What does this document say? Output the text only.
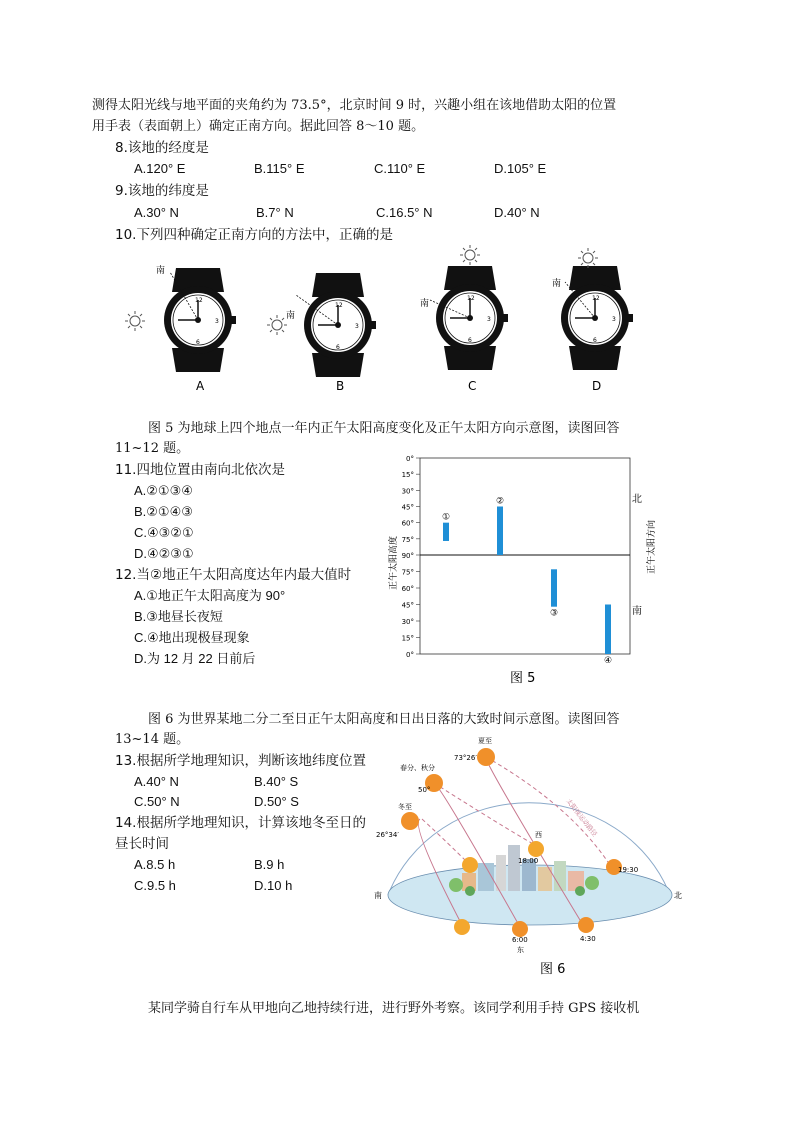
测得太阳光线与地平面的夹角约为 73.5°，北京时间 9 时，兴趣小组在该地借助太阳的位置
用手表（表面朝上）确定正南方向。据此回答 8～10 题。
8.该地的经度是
A.120° E	B.115° E	C.110° E	D.105° E
9.该地的纬度是
A.30° N	B.7° N	C.16.5° N	D.40° N
10.下列四种确定正南方向的方法中，正确的是
12
3
6
南
A
12
3
6
南
B
12
3
6
南
C
12
3
6
南
D
图 5 为地球上四个地点一年内正午太阳高度变化及正午太阳方向示意图，读图回答
11~12 题。
11.四地位置由南向北依次是
A.②①③④
B.②①④③
C.④③②①
D.④②③①
12.当②地正午太阳高度达年内最大值时
A.①地正午太阳高度为 90°
B.③地昼长夜短
C.④地出现极昼现象
D.为 12 月 22 日前后
0°
15°
30°
45°
60°
75°
90°
75°
60°
45°
30°
15°
0°
①
②
③
④
正午太阳高度	正午太阳方向
北
南
图 5
图 6 为世界某地二分二至日正午太阳高度和日出日落的大致时间示意图。读图回答
13~14 题。
13.根据所学地理知识，判断该地纬度位置
A.40° N	B.40° S
C.50° N	D.50° S
14.根据所学地理知识，计算该地冬至日的
昼长时间
A.8.5 h	B.9 h
C.9.5 h	D.10 h
夏至
73°26′
春分、秋分
50°
冬至
26°34′	西
18:00
19:30
6:00	4:30
东
南	北
太阳视运动路径
图 6
某同学骑自行车从甲地向乙地持续行进，进行野外考察。该同学利用手持 GPS 接收机
